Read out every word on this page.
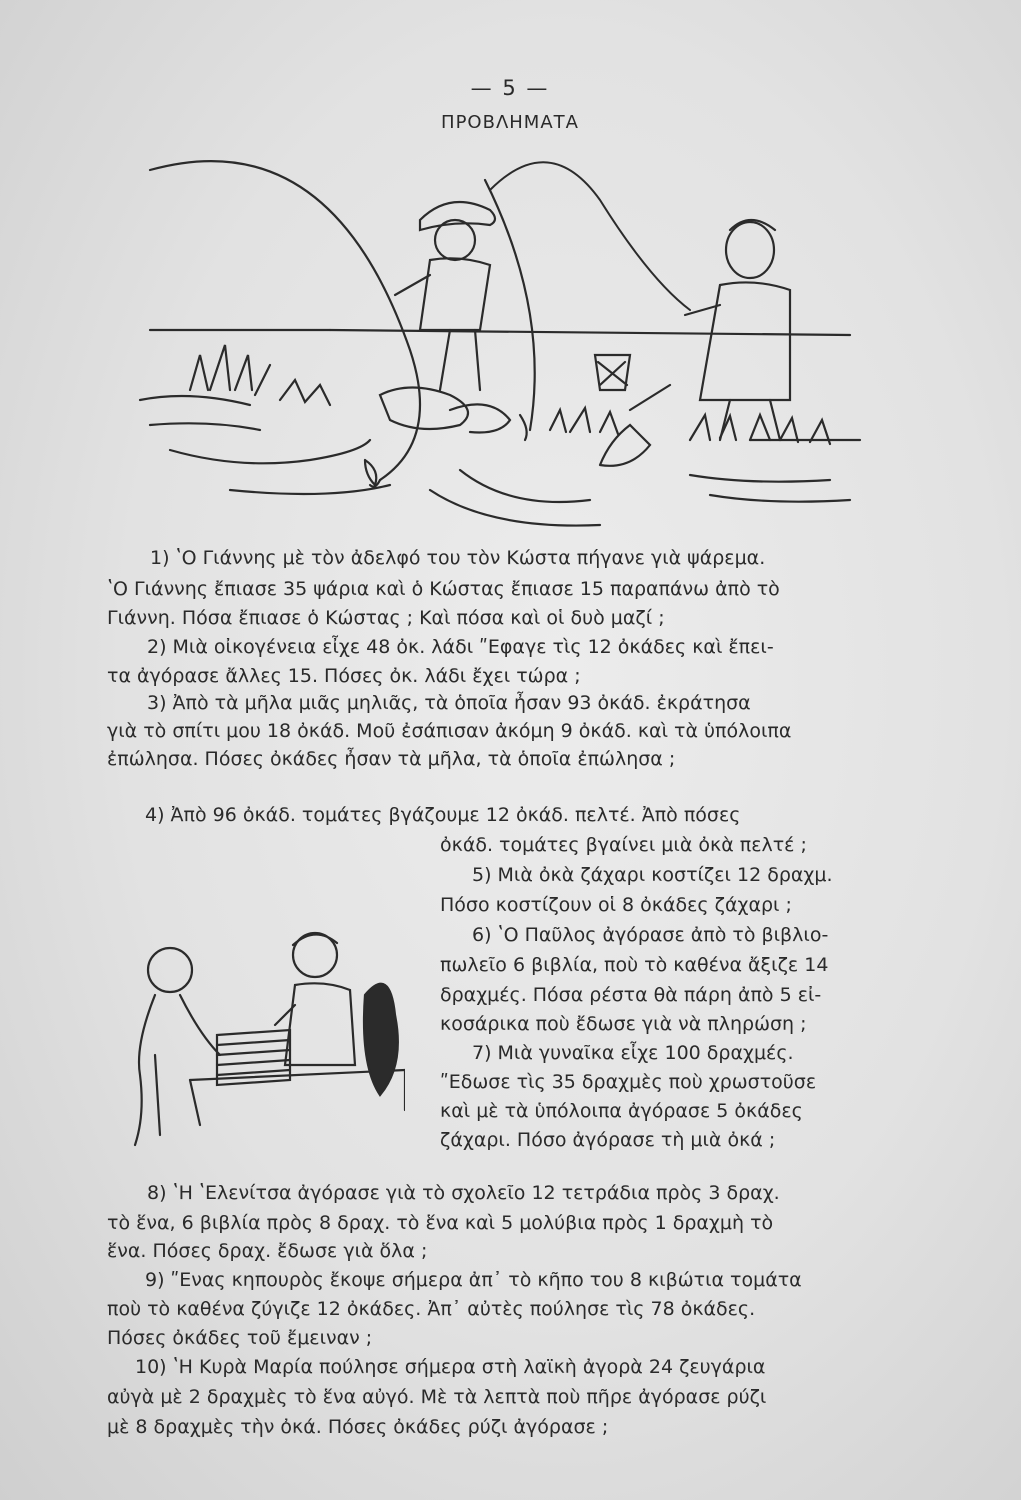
— 5 —
ΠΡΟΒΛΗΜΑΤΑ

1) ʽΟ Γιάννης μὲ τὸν ἀδελφό του τὸν Κώστα πήγανε γιὰ ψάρεμα.

ʽΟ Γιάννης ἔπιασε 35 ψάρια καὶ ὁ Κώστας ἔπιασε 15 παραπάνω ἀπὸ τὸ

Γιάννη. Πόσα ἔπιασε ὁ Κώστας ; Καὶ πόσα καὶ οἱ δυὸ μαζί ;

2) Μιὰ οἰκογένεια εἶχε 48 ὀκ. λάδι ʺΕφαγε τὶς 12 ὀκάδες καὶ ἔπει-

τα ἀγόρασε ἄλλες 15. Πόσες ὀκ. λάδι ἔχει τώρα ;

3) Ἀπὸ τὰ μῆλα μιᾶς μηλιᾶς, τὰ ὁποῖα ἦσαν 93 ὀκάδ. ἐκράτησα

γιὰ τὸ σπίτι μου 18 ὀκάδ. Μοῦ ἐσάπισαν ἀκόμη 9 ὀκάδ. καὶ τὰ ὑπόλοιπα

ἐπώλησα. Πόσες ὀκάδες ἦσαν τὰ μῆλα, τὰ ὁποῖα ἐπώλησα ;

4) Ἀπὸ 96 ὀκάδ. τομάτες βγάζουμε 12 ὀκάδ. πελτέ. Ἀπὸ πόσες

ὀκάδ. τομάτες βγαίνει μιὰ ὀκὰ πελτέ ;

5) Μιὰ ὀκὰ ζάχαρι κοστίζει 12 δραχμ.

Πόσο κοστίζουν οἱ 8 ὀκάδες ζάχαρι ;

6) ʽΟ Παῦλος ἀγόρασε ἀπὸ τὸ βιβλιο-

πωλεῖο 6 βιβλία, ποὺ τὸ καθένα ἄξιζε 14

δραχμές. Πόσα ρέστα θὰ πάρη ἀπὸ 5 εἰ-

κοσάρικα ποὺ ἔδωσε γιὰ νὰ πληρώση ;

7) Μιὰ γυναῖκα εἶχε 100 δραχμές.

ʺΕδωσε τὶς 35 δραχμὲς ποὺ χρωστοῦσε

καὶ μὲ τὰ ὑπόλοιπα ἀγόρασε 5 ὀκάδες

ζάχαρι. Πόσο ἀγόρασε τὴ μιὰ ὀκά ;

8) ʽΗ ʽΕλενίτσα ἀγόρασε γιὰ τὸ σχολεῖο 12 τετράδια πρὸς 3 δραχ.

τὸ ἕνα, 6 βιβλία πρὸς 8 δραχ. τὸ ἕνα καὶ 5 μολύβια πρὸς 1 δραχμὴ τὸ

ἕνα. Πόσες δραχ. ἔδωσε γιὰ ὅλα ;

9) ʺΕνας κηπουρὸς ἔκοψε σήμερα ἀπ᾽ τὸ κῆπο του 8 κιβώτια τομάτα

ποὺ τὸ καθένα ζύγιζε 12 ὀκάδες. Ἀπ᾽ αὐτὲς πούλησε τὶς 78 ὀκάδες.

Πόσες ὀκάδες τοῦ ἔμειναν ;

10) ʽΗ Κυρὰ Μαρία πούλησε σήμερα στὴ λαϊκὴ ἀγορὰ 24 ζευγάρια

αὐγὰ μὲ 2 δραχμὲς τὸ ἕνα αὐγό. Μὲ τὰ λεπτὰ ποὺ πῆρε ἀγόρασε ρύζι

μὲ 8 δραχμὲς τὴν ὀκά. Πόσες ὀκάδες ρύζι ἀγόρασε ;
